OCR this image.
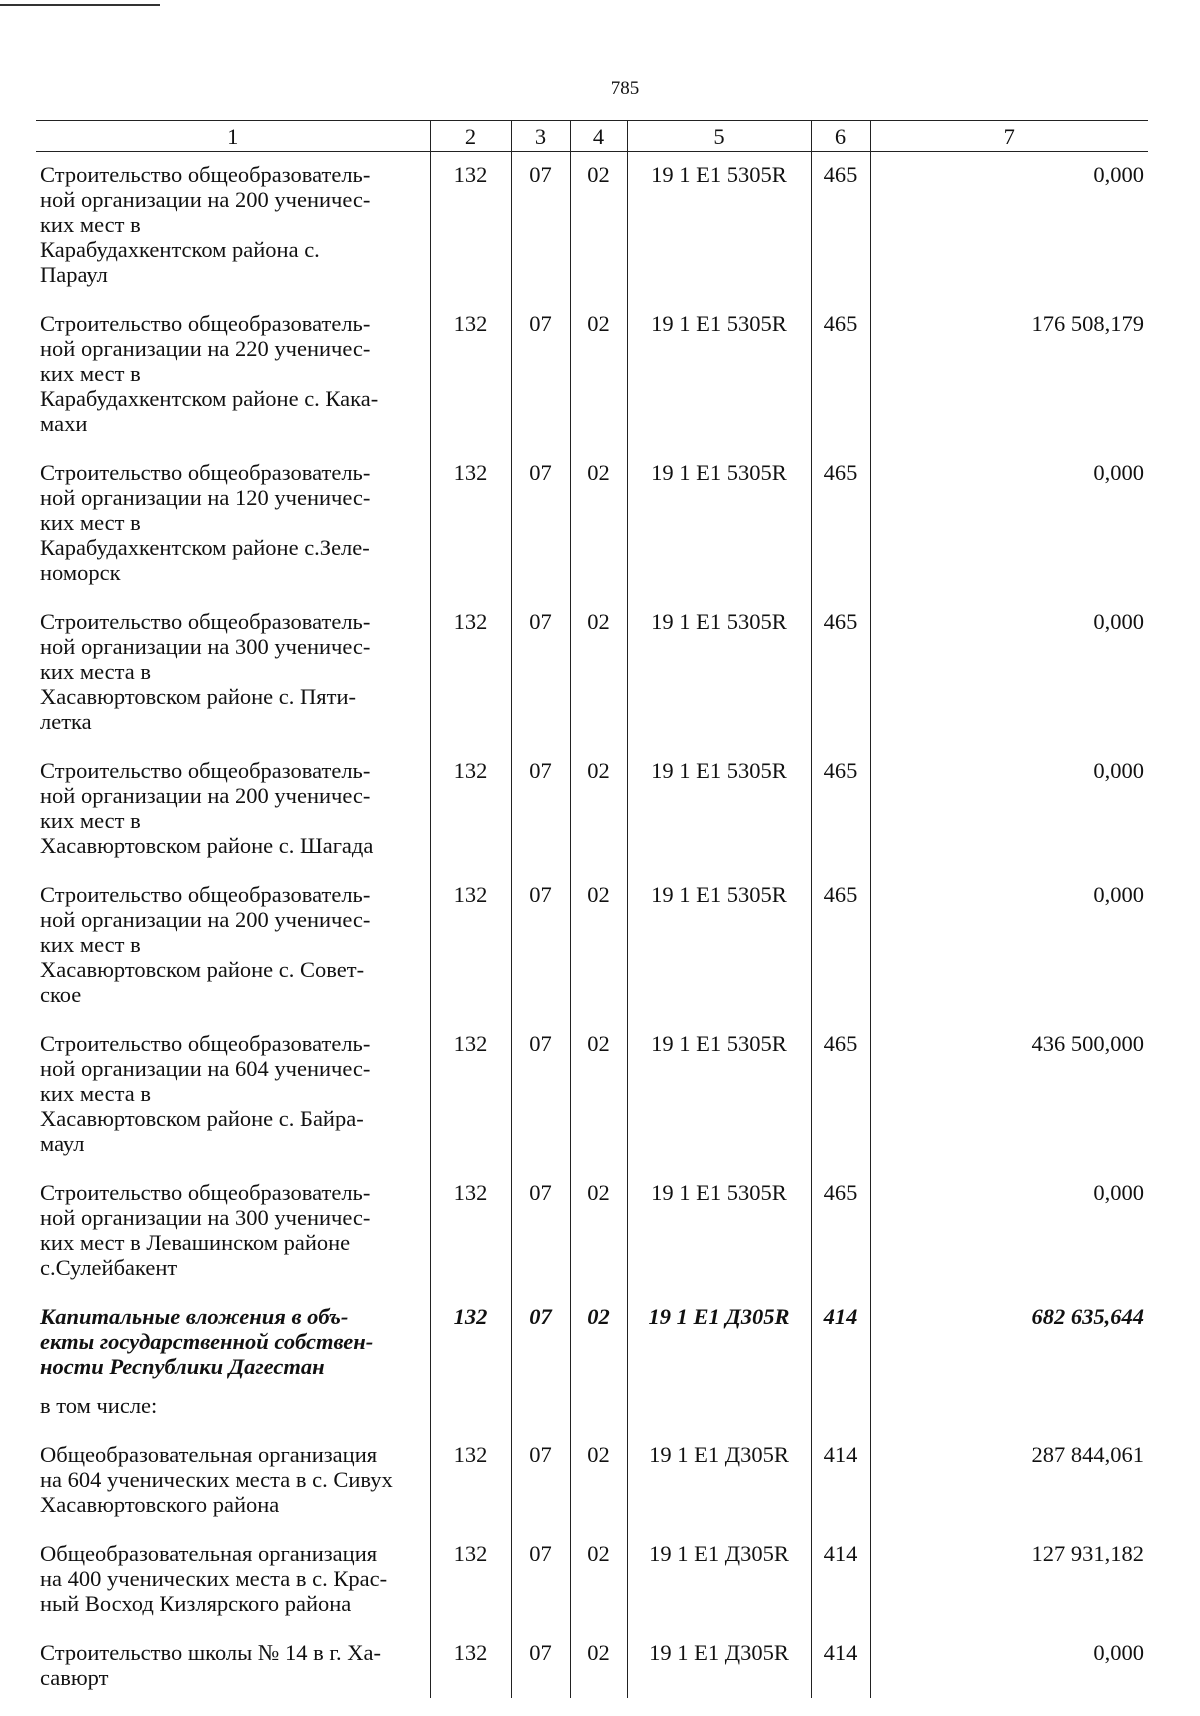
785
1	2	3	4	5	6	7
Строительство общеобразователь-
ной организации на 200 ученичес-
ких мест в
Карабудахкентском района с.
Параул	132	07	02	19 1 E1 5305R	465	0,000
Строительство общеобразователь-
ной организации на 220 ученичес-
ких мест в
Карабудахкентском районе с. Кака-
махи	132	07	02	19 1 E1 5305R	465	176 508,179
Строительство общеобразователь-
ной организации на 120 ученичес-
ких мест в
Карабудахкентском районе с.Зеле-
номорск	132	07	02	19 1 E1 5305R	465	0,000
Строительство общеобразователь-
ной организации на 300 ученичес-
ких места в
Хасавюртовском районе с. Пяти-
летка	132	07	02	19 1 E1 5305R	465	0,000
Строительство общеобразователь-
ной организации на 200 ученичес-
ких мест в
Хасавюртовском районе с. Шагада	132	07	02	19 1 E1 5305R	465	0,000
Строительство общеобразователь-
ной организации на 200 ученичес-
ких мест в
Хасавюртовском районе с. Совет-
ское	132	07	02	19 1 E1 5305R	465	0,000
Строительство общеобразователь-
ной организации на 604 ученичес-
ких места в
Хасавюртовском районе с. Байра-
маул	132	07	02	19 1 E1 5305R	465	436 500,000
Строительство общеобразователь-
ной организации на 300 ученичес-
ких мест в Левашинском районе
с.Сулейбакент	132	07	02	19 1 E1 5305R	465	0,000
Капитальные вложения в объ-
екты государственной собствен-
ности Республики Дагестан	132	07	02	19 1 E1 Д305R	414	682 635,644
в том числе:						
Общеобразовательная организация
на 604 ученических места в с. Сивух
Хасавюртовского района	132	07	02	19 1 E1 Д305R	414	287 844,061
Общеобразовательная организация
на 400 ученических места в с. Крас-
ный Восход Кизлярского района	132	07	02	19 1 E1 Д305R	414	127 931,182
Строительство школы № 14 в г. Ха-
савюрт	132	07	02	19 1 E1 Д305R	414	0,000
